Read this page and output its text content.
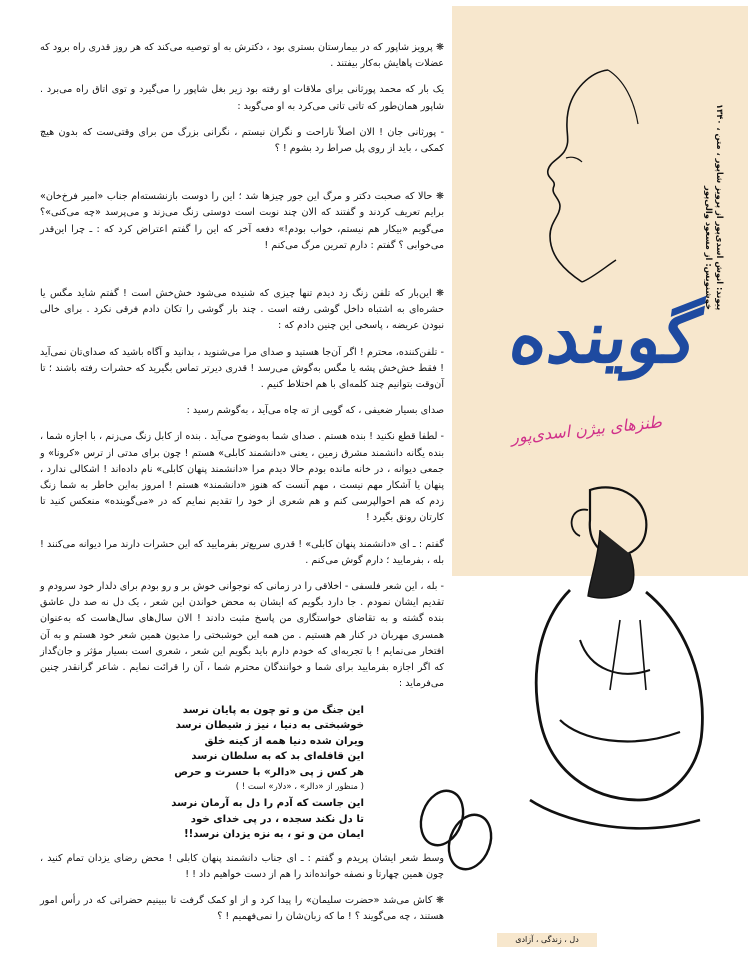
پیوند: انوش اسدی‌پور از پرویز شاپور ، متن ، ۱۳۴۰
خوشنویس: از مسعود والی‌پور
گوینده
طنزهای بیژن اسدی‌پور
دل ، زندگی ، آزادی

❋ پرویز شاپور که در بیمارستان بستری بود ، دکترش به او توصیه می‌کند که هر روز قدری راه برود که عضلات پاهایش به‌کار بیفتند .

یک بار که محمد پورثانی برای ملاقات او رفته بود زیر بغل شاپور را می‌گیرد و توی اتاق راه می‌برد . شاپور همان‌طور که تاتی تاتی می‌کرد به او می‌گوید :

- پورثانی جان ! الان اصلاً ناراحت و نگران نیستم ، نگرانی بزرگ من برای وقتی‌ست که بدون هیچ کمکی ، باید از روی پل صراط رد بشوم ! ؟

❋ حالا که صحبت دکتر و مرگ این جور چیزها شد ؛ این را دوست بازنشسته‌ام جناب «امیر فرخ‌خان» برایم تعریف کردند و گفتند که الان چند نوبت است دوستی زنگ می‌زند و می‌پرسد «چه می‌کنی»؟ می‌گویم «بیکار هم نیستم، خواب بودم!» دفعه آخر که این را گفتم اعتراض کرد که : ـ چرا این‌قدر می‌خوابی ؟ گفتم : دارم تمرین مرگ می‌کنم !

❋ این‌بار که تلفن زنگ زد دیدم تنها چیزی که شنیده می‌شود خش‌خش است ! گفتم شاید مگس یا حشره‌ای به اشتباه داخل گوشی رفته است . چند بار گوشی را تکان دادم فرقی نکرد . برای خالی نبودن عریضه ، پاسخی این چنین دادم که :

- تلفن‌کننده‌، محترم ! اگر آن‌جا هستید و صدای مرا می‌شنوید ، بدانید و آگاه باشید که صدای‌تان نمی‌آید ! فقط خش‌خش پشه یا مگس به‌گوش می‌رسد ! قدری دیرتر تماس بگیرید که حشرات رفته باشند ؛ تا آن‌وقت بتوانیم چند کلمه‌ای با هم اختلاط کنیم .

صدای بسیار ضعیفی ، که گویی از ته چاه می‌آید ، به‌گوشم رسید :

- لطفا قطع نکنید ! بنده هستم . صدای شما به‌وضوح می‌آید . بنده از کابل زنگ می‌زنم ، با اجازه شما ، بنده یگانه دانشمند مشرق زمین ، یعنی «دانشمند کابلی» هستم ! چون برای مدتی از ترس «کرونا» و جمعی دیوانه ، در خانه مانده بودم حالا دیدم مرا «دانشمند پنهان کابلی» نام داده‌اند ! اشکالی ندارد ، پنهان یا آشکار مهم نیست ، مهم آنست که هنوز «دانشمند» هستم ! امروز به‌این خاطر به شما زنگ زدم که هم احوالپرسی کنم و هم شعری از خود را تقدیم نمایم که در «می‌گوینده» منعکس کنید تا کارتان رونق بگیرد !

گفتم : ـ ای «دانشمند پنهان کابلی» ! قدری سریع‌تر بفرمایید که این حشرات دارند مرا دیوانه می‌کنند ! بله ، بفرمایید ؛ دارم گوش می‌کنم .

- بله ، این شعر فلسفی - اخلاقی را در زمانی که نوجوانی خوش بر و رو بودم برای دلدار خود سرودم و تقدیم ایشان نمودم . جا دارد بگویم که ایشان به محض خواندن این شعر ، یک دل نه صد دل عاشق بنده گشته و به تقاضای خواستگاری من پاسخ مثبت دادند ! الان سال‌های سال‌هاست که به‌عنوان همسری مهربان در کنار هم هستیم . من همه این خوشبختی را مدیون همین شعر خود هستم و به آن افتخار می‌نمایم ! با تجربه‌ای که خودم دارم باید بگویم این شعر ، شعری است بسیار مؤثر و جان‌گداز که اگر اجازه بفرمایید برای شما و خوانندگان محترم شما ، آن را قرائت نمایم . شاعر گرانقدر چنین می‌فرماید :

این جنگ من و تو چون به پایان نرسد
خوشبختی به دنیا ، نیز ز شیطان نرسد
ویران شده دنیا همه از کینه خلق
این قافله‌ای بد که به سلطان نرسد
هر کس ز پی «دالر» با حسرت و حرص
( منظور از «دالر» ، «دلار» است ! )
این جاست که آدم را دل به آرمان نرسد
تا دل نکند سجده ، در پی خدای خود
ایمان من و تو ، به نزه یزدان نرسد!!

وسط شعر ایشان پریدم و گفتم : ـ ای جناب دانشمند پنهان کابلی ! محض رضای یزدان تمام کنید ، چون همین چهارتا و نصفه خوانده‌اند را هم از دست خواهیم داد ! !

❋ کاش می‌شد «حضرت سلیمان» را پیدا کرد و از او کمک گرفت تا ببینیم حضراتی که در رأس امور هستند ، چه می‌گویند ؟ ! ما که زبان‌شان را نمی‌فهمیم ! ؟
